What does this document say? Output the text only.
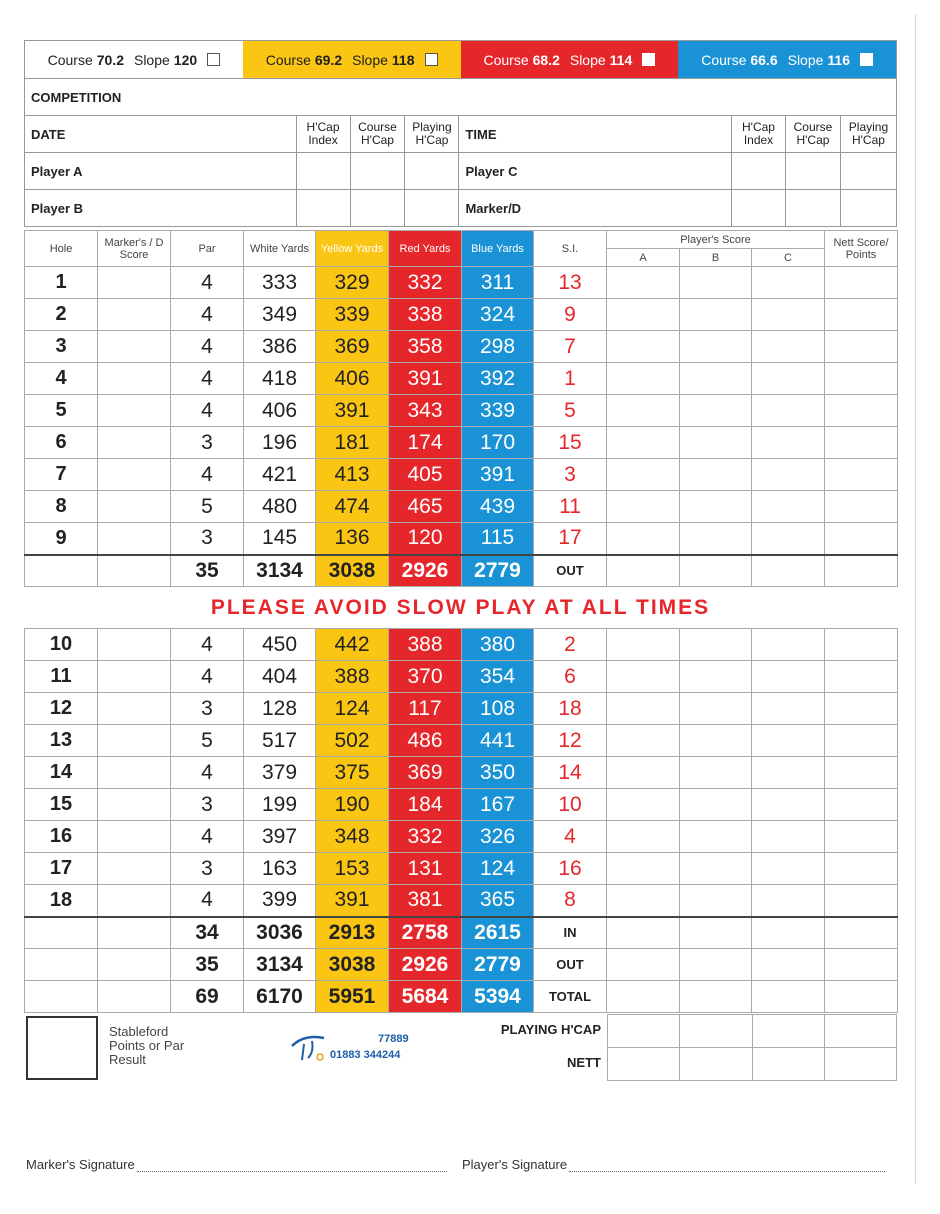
Course 70.2 Slope 120	Course 69.2 Slope 118	Course 68.2 Slope 114	Course 66.6 Slope 116
COMPETITION							
DATE	H'Cap Index	Course H'Cap	Playing H'Cap	TIME	H'Cap Index	Course H'Cap	Playing H'Cap
Player A				Player C			
Player B				Marker/D			
Hole	Marker's / D Score	Par	White Yards	Yellow Yards	Red Yards	Blue Yards	S.I.	Player's Score			Nett Score/ Points
								A	B	C	
1		4	333	329	332	311	13				
2		4	349	339	338	324	9				
3		4	386	369	358	298	7				
4		4	418	406	391	392	1				
5		4	406	391	343	339	5				
6		3	196	181	174	170	15				
7		4	421	413	405	391	3				
8		5	480	474	465	439	11				
9		3	145	136	120	115	17				
		35	3134	3038	2926	2779	OUT				
PLEASE AVOID SLOW PLAY AT ALL TIMES
10		4	450	442	388	380	2				
11		4	404	388	370	354	6				
12		3	128	124	117	108	18				
13		5	517	502	486	441	12				
14		4	379	375	369	350	14				
15		3	199	190	184	167	10				
16		4	397	348	332	326	4				
17		3	163	153	131	124	16				
18		4	399	391	381	365	8				
		34	3036	2913	2758	2615	IN				
		35	3134	3038	2926	2779	OUT				
		69	6170	5951	5684	5394	TOTAL				
Stableford Points or Par Result
77889
01883 344244
PLAYING H'CAP
NETT

Marker's Signature	Player's Signature
